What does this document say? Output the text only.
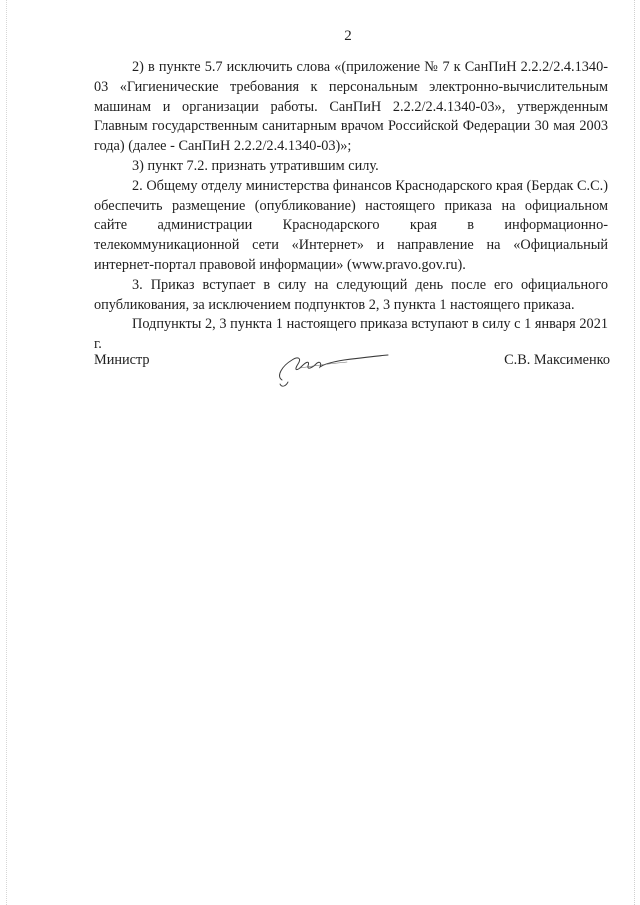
2

2) в пункте 5.7 исключить слова «(приложение № 7 к СанПиН 2.2.2/2.4.1340-03 «Гигиенические требования к персональным электронно-вычислительным машинам и организации работы. СанПиН 2.2.2/2.4.1340-03», утвержденным Главным государственным санитарным врачом Российской Федерации 30 мая 2003 года) (далее - СанПиН 2.2.2/2.4.1340-03)»;

3) пункт 7.2. признать утратившим силу.

2. Общему отделу министерства финансов Краснодарского края (Бердак С.С.) обеспечить размещение (опубликование) настоящего приказа на официальном сайте администрации Краснодарского края в информационно-телекоммуникационной сети «Интернет» и направление на «Официальный интернет-портал правовой информации» (www.pravo.gov.ru).

3. Приказ вступает в силу на следующий день после его официального опубликования, за исключением подпунктов 2, 3 пункта 1 настоящего приказа.

Подпункты 2, 3 пункта 1 настоящего приказа вступают в силу с 1 января 2021 г.

Министр	С.В. Максименко
